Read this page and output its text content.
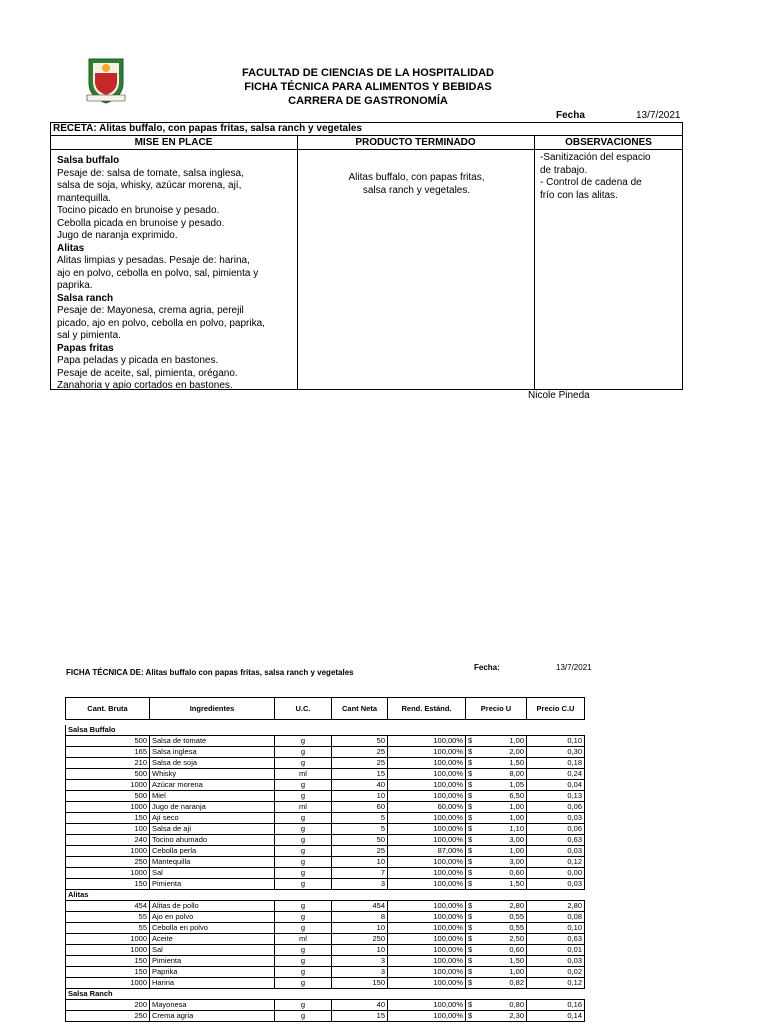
FACULTAD DE CIENCIAS DE LA HOSPITALIDAD
FICHA TÉCNICA PARA ALIMENTOS Y BEBIDAS
CARRERA DE GASTRONOMÍA
Fecha	13/7/2021
RECETA: Alitas buffalo, con papas fritas, salsa ranch y vegetales
MISE EN PLACE	PRODUCTO TERMINADO	OBSERVACIONES
Salsa buffalo
Pesaje de: salsa de tomate, salsa inglesa,
salsa de soja, whisky, azúcar morena, ají,
mantequilla.
Tocino picado en brunoise y pesado.
Cebolla picada en brunoise y pesado.
Jugo de naranja exprimido.
Alitas
Alitas limpias y pesadas. Pesaje de: harina,
ajo en polvo, cebolla en polvo, sal, pimienta y
paprika.
Salsa ranch
Pesaje de: Mayonesa, crema agria, perejil
picado, ajo en polvo, cebolla en polvo, paprika,
sal y pimienta.
Papas fritas
Papa peladas y picada en bastones.
Pesaje de aceite, sal, pimienta, orégano.
Zanahoria y apio cortados en bastones.
Alitas buffalo, con papas fritas,
salsa ranch y vegetales.
-Sanitización del espacio
de trabajo.
- Control de cadena de
frío con las alitas.
Nicole Pineda
FICHA TÉCNICA DE: Alitas buffalo con papas fritas, salsa ranch y vegetales
Fecha:	13/7/2021
Cant. Bruta	Ingredientes	U.C.	Cant Neta	Rend. Estánd.	Precio U	Precio C.U

Salsa Buffalo						
500	Salsa de tomate	g	50	100,00%	$ 1,00	0,10
165	Salsa inglesa	g	25	100,00%	$ 2,00	0,30
210	Salsa de soja	g	25	100,00%	$ 1,50	0,18
500	Whisky	ml	15	100,00%	$ 8,00	0,24
1000	Azúcar morena	g	40	100,00%	$ 1,05	0,04
500	Miel	g	10	100,00%	$ 6,50	0,13
1000	Jugo de naranja	ml	60	60,00%	$ 1,00	0,06
150	Ají seco	g	5	100,00%	$ 1,00	0,03
100	Salsa de ají	g	5	100,00%	$ 1,10	0,06
240	Tocino ahumado	g	50	100,00%	$ 3,00	0,63
1000	Cebolla perla	g	25	87,00%	$ 1,00	0,03
250	Mantequilla	g	10	100,00%	$ 3,00	0,12
1000	Sal	g	7	100,00%	$ 0,60	0,00
150	Pimienta	g	3	100,00%	$ 1,50	0,03
Alitas						
454	Alitas de pollo	g	454	100,00%	$ 2,80	2,80
55	Ajo en polvo	g	8	100,00%	$ 0,55	0,08
55	Cebolla en polvo	g	10	100,00%	$ 0,55	0,10
1000	Aceite	ml	250	100,00%	$ 2,50	0,63
1000	Sal	g	10	100,00%	$ 0,60	0,01
150	Pimienta	g	3	100,00%	$ 1,50	0,03
150	Paprika	g	3	100,00%	$ 1,00	0,02
1000	Harina	g	150	100,00%	$ 0,82	0,12
Salsa Ranch						
200	Mayonesa	g	40	100,00%	$ 0,80	0,16
250	Crema agria	g	15	100,00%	$ 2,30	0,14
